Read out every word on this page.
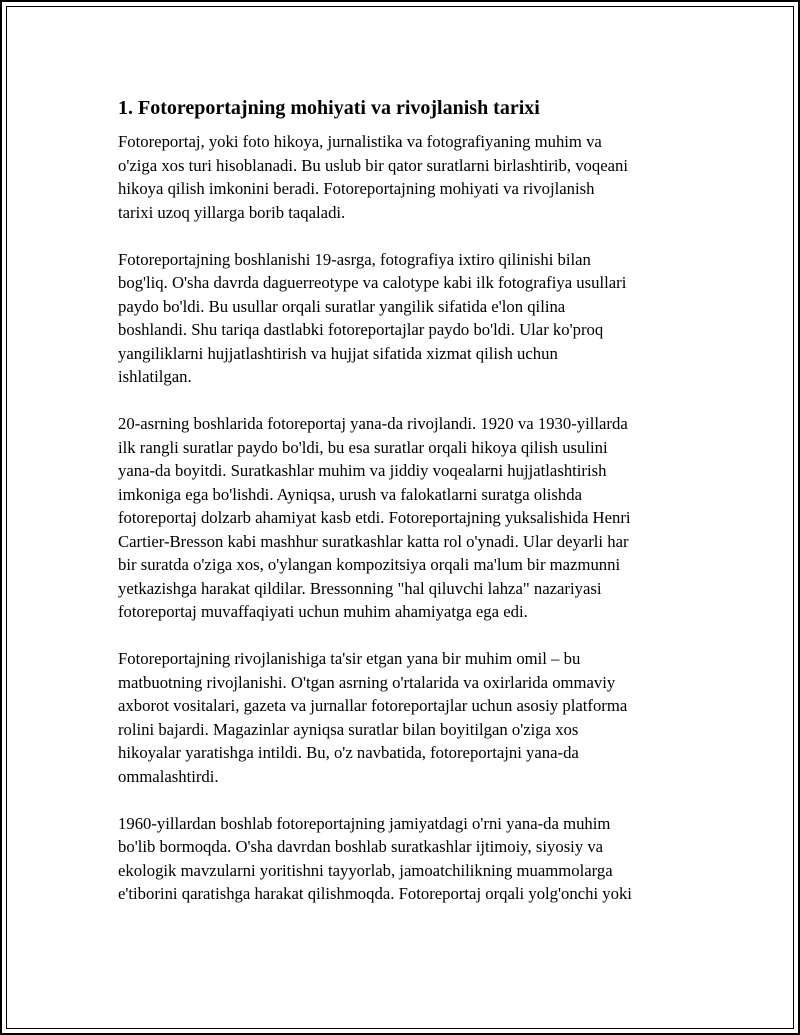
1. Fotoreportajning mohiyati va rivojlanish tarixi

Fotoreportaj, yoki foto hikoya, jurnalistika va fotografiyaning muhim va
o'ziga xos turi hisoblanadi. Bu uslub bir qator suratlarni birlashtirib, voqeani
hikoya qilish imkonini beradi. Fotoreportajning mohiyati va rivojlanish
tarixi uzoq yillarga borib taqaladi.

Fotoreportajning boshlanishi 19-asrga, fotografiya ixtiro qilinishi bilan
bog'liq. O'sha davrda daguerreotype va calotype kabi ilk fotografiya usullari
paydo bo'ldi. Bu usullar orqali suratlar yangilik sifatida e'lon qilina
boshlandi. Shu tariqa dastlabki fotoreportajlar paydo bo'ldi. Ular ko'proq
yangiliklarni hujjatlashtirish va hujjat sifatida xizmat qilish uchun
ishlatilgan.

20-asrning boshlarida fotoreportaj yana-da rivojlandi. 1920 va 1930-yillarda
ilk rangli suratlar paydo bo'ldi, bu esa suratlar orqali hikoya qilish usulini
yana-da boyitdi. Suratkashlar muhim va jiddiy voqealarni hujjatlashtirish
imkoniga ega bo'lishdi. Ayniqsa, urush va falokatlarni suratga olishda
fotoreportaj dolzarb ahamiyat kasb etdi. Fotoreportajning yuksalishida Henri
Cartier-Bresson kabi mashhur suratkashlar katta rol o'ynadi. Ular deyarli har
bir suratda o'ziga xos, o'ylangan kompozitsiya orqali ma'lum bir mazmunni
yetkazishga harakat qildilar. Bressonning "hal qiluvchi lahza" nazariyasi
fotoreportaj muvaffaqiyati uchun muhim ahamiyatga ega edi.

Fotoreportajning rivojlanishiga ta'sir etgan yana bir muhim omil – bu
matbuotning rivojlanishi. O'tgan asrning o'rtalarida va oxirlarida ommaviy
axborot vositalari, gazeta va jurnallar fotoreportajlar uchun asosiy platforma
rolini bajardi. Magazinlar ayniqsa suratlar bilan boyitilgan o'ziga xos
hikoyalar yaratishga intildi. Bu, o'z navbatida, fotoreportajni yana-da
ommalashtirdi.

1960-yillardan boshlab fotoreportajning jamiyatdagi o'rni yana-da muhim
bo'lib bormoqda. O'sha davrdan boshlab suratkashlar ijtimoiy, siyosiy va
ekologik mavzularni yoritishni tayyorlab, jamoatchilikning muammolarga
e'tiborini qaratishga harakat qilishmoqda. Fotoreportaj orqali yolg'onchi yoki
